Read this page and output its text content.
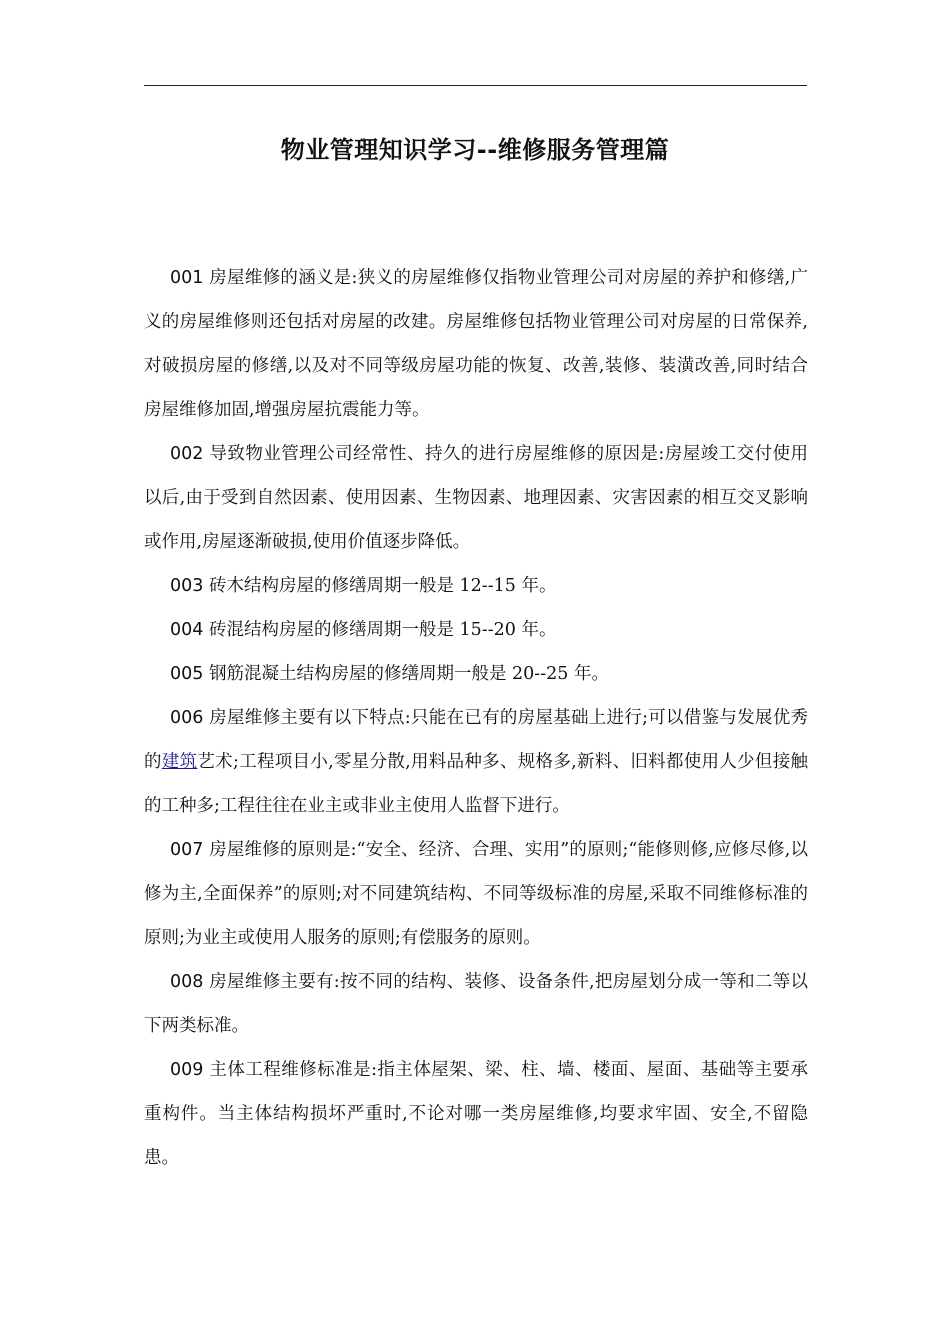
物业管理知识学习--维修服务管理篇

001 房屋维修的涵义是:狭义的房屋维修仅指物业管理公司对房屋的养护和修缮,广义的房屋维修则还包括对房屋的改建。房屋维修包括物业管理公司对房屋的日常保养,对破损房屋的修缮,以及对不同等级房屋功能的恢复、改善,装修、装潢改善,同时结合房屋维修加固,增强房屋抗震能力等。

002 导致物业管理公司经常性、持久的进行房屋维修的原因是:房屋竣工交付使用以后,由于受到自然因素、使用因素、生物因素、地理因素、灾害因素的相互交叉影响或作用,房屋逐渐破损,使用价值逐步降低。

003 砖木结构房屋的修缮周期一般是 12--15 年。

004 砖混结构房屋的修缮周期一般是 15--20 年。

005 钢筋混凝土结构房屋的修缮周期一般是 20--25 年。

006 房屋维修主要有以下特点:只能在已有的房屋基础上进行;可以借鉴与发展优秀的建筑艺术;工程项目小,零星分散,用料品种多、规格多,新料、旧料都使用人少但接触的工种多;工程往往在业主或非业主使用人监督下进行。

007 房屋维修的原则是:“安全、经济、合理、实用”的原则;“能修则修,应修尽修,以修为主,全面保养”的原则;对不同建筑结构、不同等级标准的房屋,采取不同维修标准的原则;为业主或使用人服务的原则;有偿服务的原则。

008 房屋维修主要有:按不同的结构、装修、设备条件,把房屋划分成一等和二等以下两类标准。

009 主体工程维修标准是:指主体屋架、梁、柱、墙、楼面、屋面、基础等主要承重构件。当主体结构损坏严重时,不论对哪一类房屋维修,均要求牢固、安全,不留隐患。
